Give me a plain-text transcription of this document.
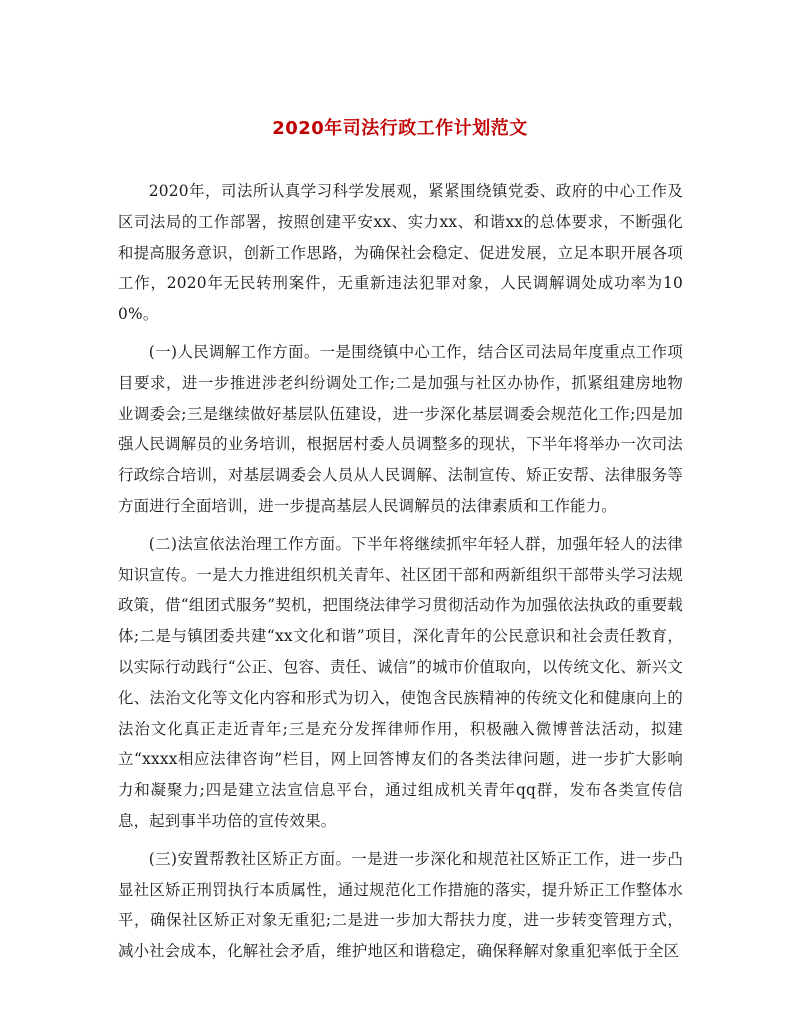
2020年司法行政工作计划范文

2020年，司法所认真学习科学发展观，紧紧围绕镇党委、政府的中心工作及区司法局的工作部署，按照创建平安xx、实力xx、和谐xx的总体要求，不断强化和提高服务意识，创新工作思路，为确保社会稳定、促进发展，立足本职开展各项工作，2020年无民转刑案件，无重新违法犯罪对象，人民调解调处成功率为100%。

(一)人民调解工作方面。一是围绕镇中心工作，结合区司法局年度重点工作项目要求，进一步推进涉老纠纷调处工作;二是加强与社区办协作，抓紧组建房地物业调委会;三是继续做好基层队伍建设，进一步深化基层调委会规范化工作;四是加强人民调解员的业务培训，根据居村委人员调整多的现状，下半年将举办一次司法行政综合培训，对基层调委会人员从人民调解、法制宣传、矫正安帮、法律服务等方面进行全面培训，进一步提高基层人民调解员的法律素质和工作能力。

(二)法宣依法治理工作方面。下半年将继续抓牢年轻人群，加强年轻人的法律知识宣传。一是大力推进组织机关青年、社区团干部和两新组织干部带头学习法规政策，借“组团式服务”契机，把围绕法律学习贯彻活动作为加强依法执政的重要载体;二是与镇团委共建“xx文化和谐”项目，深化青年的公民意识和社会责任教育，以实际行动践行“公正、包容、责任、诚信”的城市价值取向，以传统文化、新兴文化、法治文化等文化内容和形式为切入，使饱含民族精神的传统文化和健康向上的法治文化真正走近青年;三是充分发挥律师作用，积极融入微博普法活动，拟建立“xxxx相应法律咨询”栏目，网上回答博友们的各类法律问题，进一步扩大影响力和凝聚力;四是建立法宣信息平台，通过组成机关青年qq群，发布各类宣传信息，起到事半功倍的宣传效果。

(三)安置帮教社区矫正方面。一是进一步深化和规范社区矫正工作，进一步凸显社区矫正刑罚执行本质属性，通过规范化工作措施的落实，提升矫正工作整体水平，确保社区矫正对象无重犯;二是进一步加大帮扶力度，进一步转变管理方式，减小社会成本，化解社会矛盾，维护地区和谐稳定，确保释解对象重犯率低于全区
